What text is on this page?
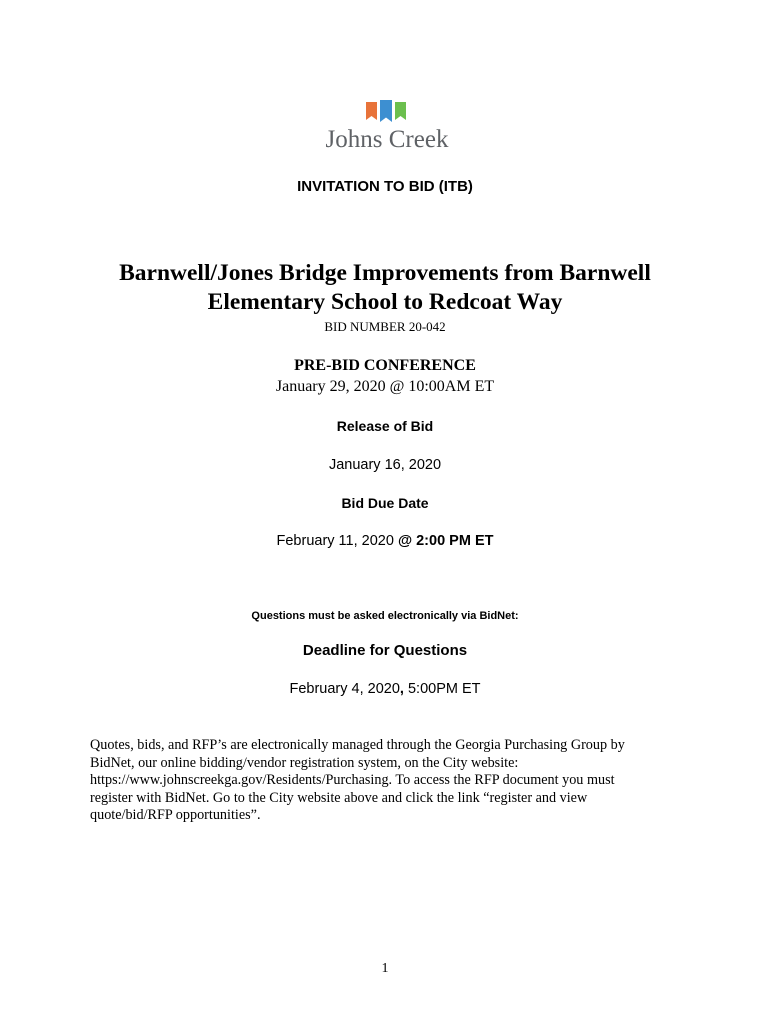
Johns Creek
INVITATION TO BID (ITB)
Barnwell/Jones Bridge Improvements from Barnwell
Elementary School to Redcoat Way
BID NUMBER 20-042
PRE-BID CONFERENCE
January 29, 2020 @ 10:00AM ET
Release of Bid
January 16, 2020
Bid Due Date
February 11, 2020 @ 2:00 PM ET
Questions must be asked electronically via BidNet:
Deadline for Questions
February 4, 2020, 5:00PM ET
Quotes, bids, and RFP’s are electronically managed through the Georgia Purchasing Group by
BidNet, our online bidding/vendor registration system, on the City website:
https://www.johnscreekga.gov/Residents/Purchasing. To access the RFP document you must
register with BidNet. Go to the City website above and click the link “register and view
quote/bid/RFP opportunities”.
1
